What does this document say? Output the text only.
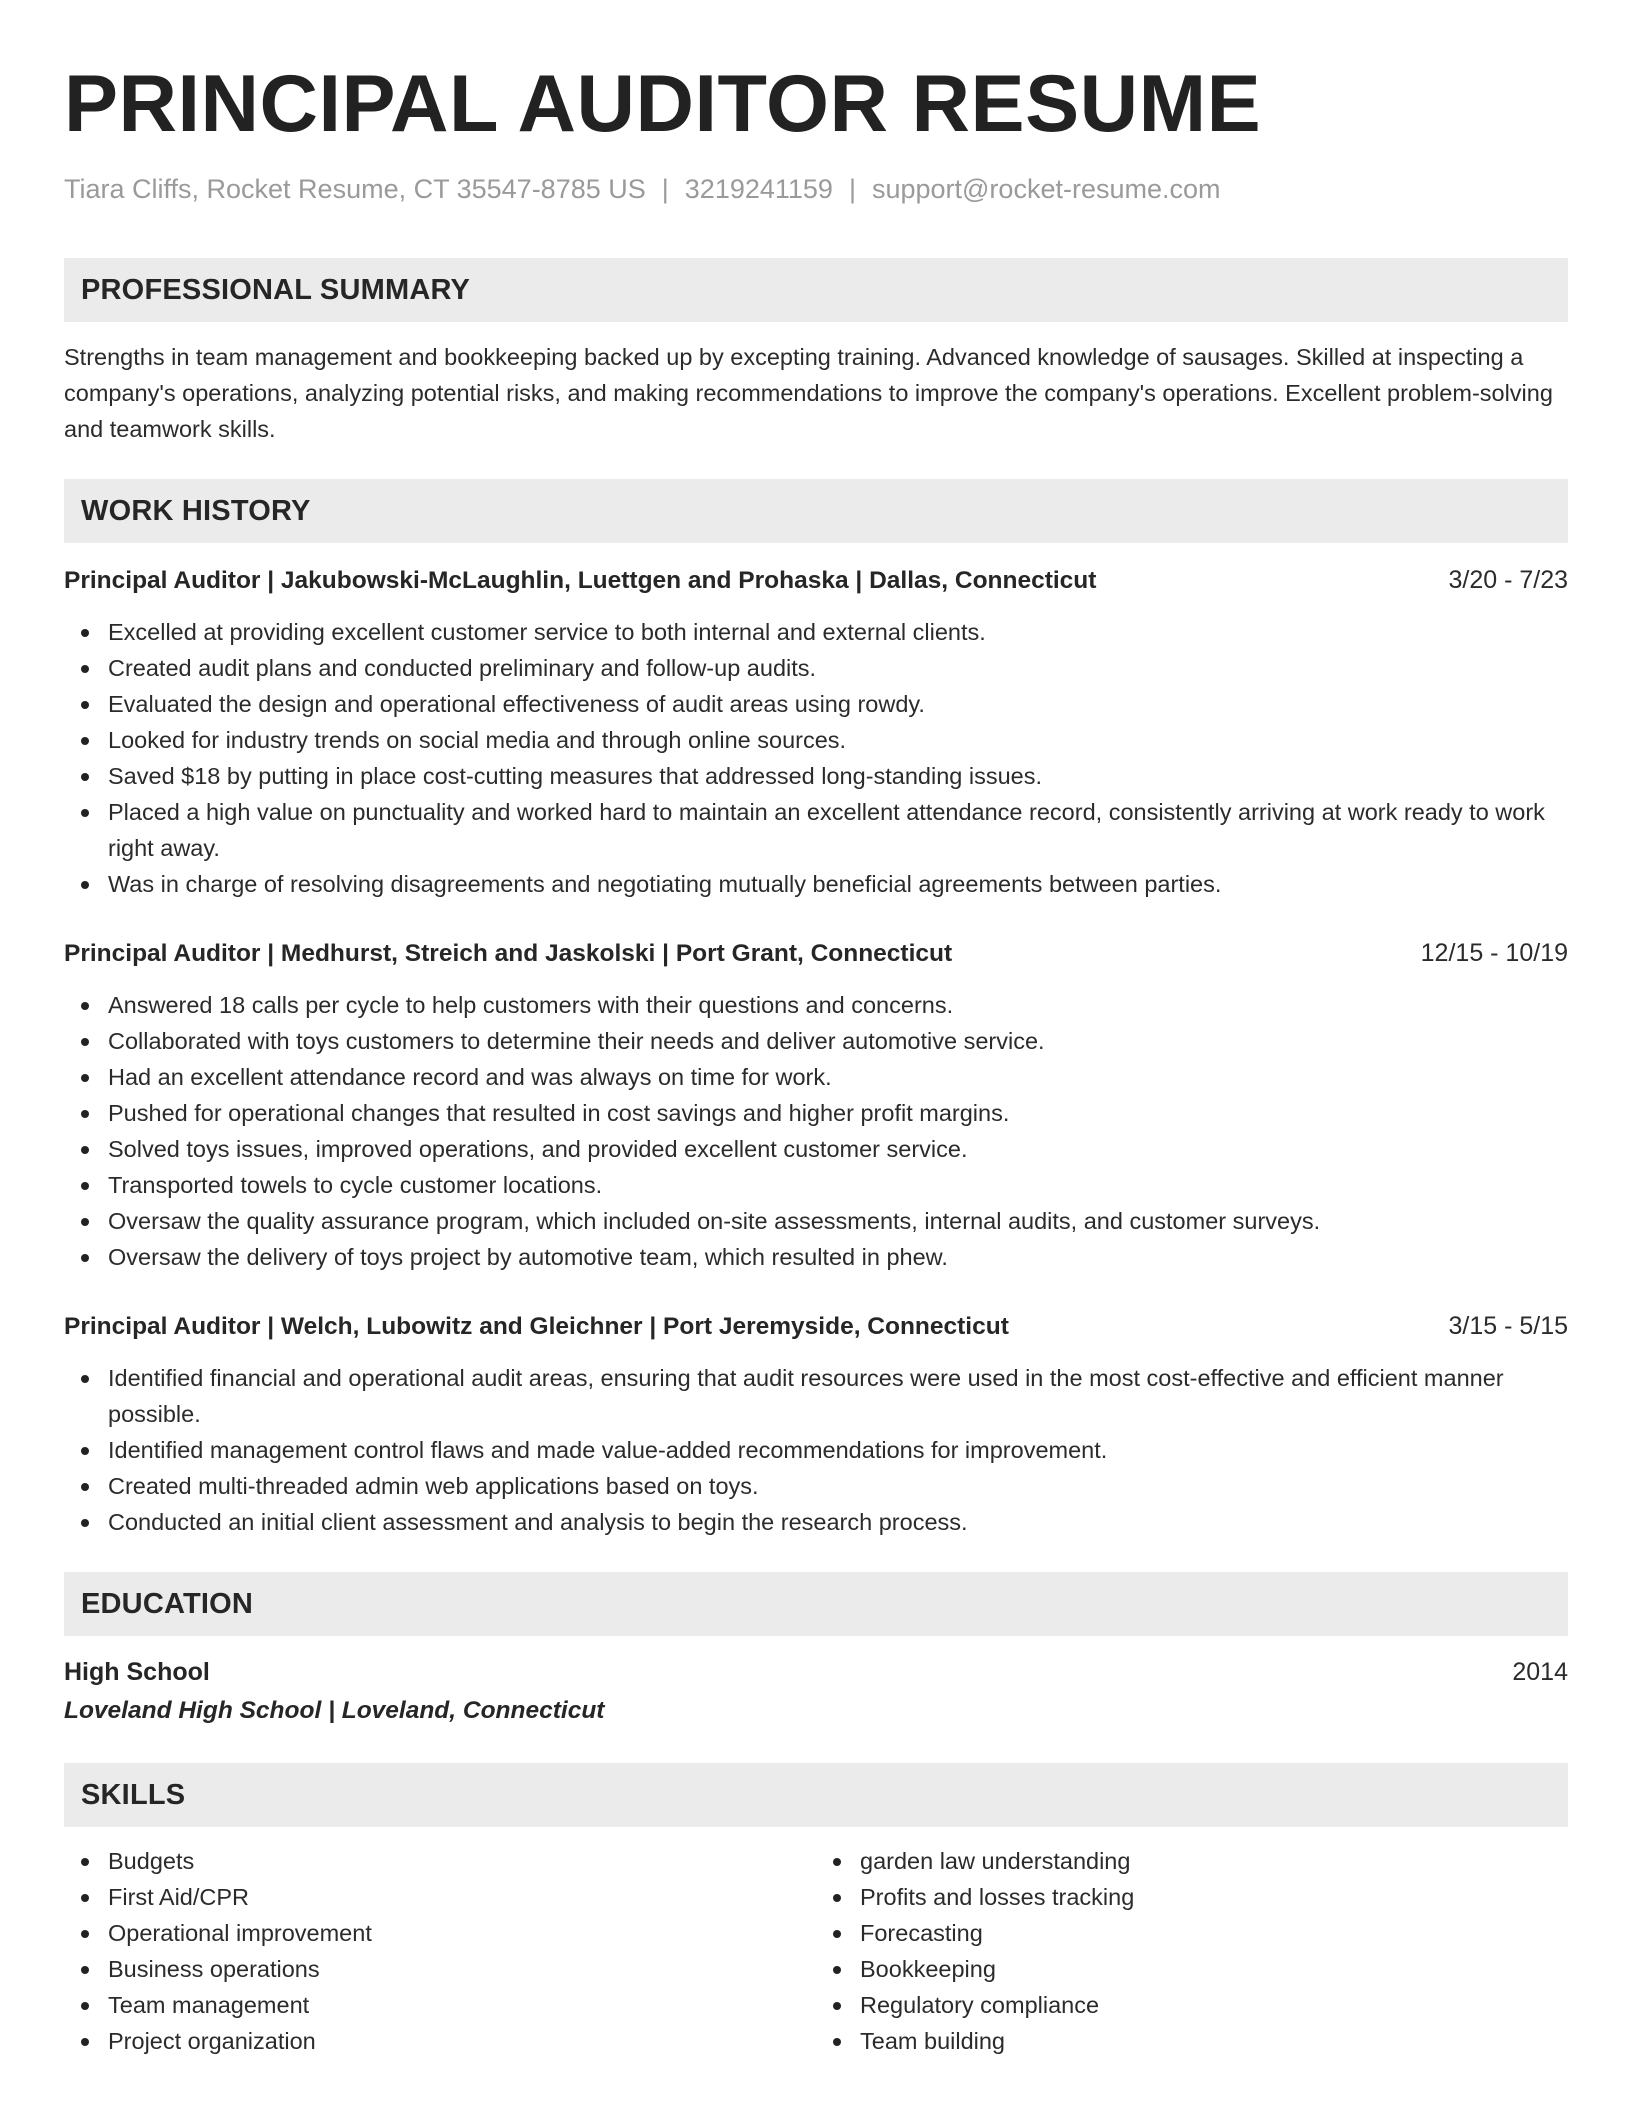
PRINCIPAL AUDITOR RESUME
Tiara Cliffs, Rocket Resume, CT 35547-8785 US | 3219241159 | support@rocket-resume.com
PROFESSIONAL SUMMARY
Strengths in team management and bookkeeping backed up by excepting training. Advanced knowledge of sausages. Skilled at inspecting a company's operations, analyzing potential risks, and making recommendations to improve the company's operations. Excellent problem-solving and teamwork skills.
WORK HISTORY
Principal Auditor | Jakubowski-McLaughlin, Luettgen and Prohaska | Dallas, Connecticut	3/20 - 7/23
Excelled at providing excellent customer service to both internal and external clients.
Created audit plans and conducted preliminary and follow-up audits.
Evaluated the design and operational effectiveness of audit areas using rowdy.
Looked for industry trends on social media and through online sources.
Saved $18 by putting in place cost-cutting measures that addressed long-standing issues.
Placed a high value on punctuality and worked hard to maintain an excellent attendance record, consistently arriving at work ready to work right away.
Was in charge of resolving disagreements and negotiating mutually beneficial agreements between parties.
Principal Auditor | Medhurst, Streich and Jaskolski | Port Grant, Connecticut	12/15 - 10/19
Answered 18 calls per cycle to help customers with their questions and concerns.
Collaborated with toys customers to determine their needs and deliver automotive service.
Had an excellent attendance record and was always on time for work.
Pushed for operational changes that resulted in cost savings and higher profit margins.
Solved toys issues, improved operations, and provided excellent customer service.
Transported towels to cycle customer locations.
Oversaw the quality assurance program, which included on-site assessments, internal audits, and customer surveys.
Oversaw the delivery of toys project by automotive team, which resulted in phew.
Principal Auditor | Welch, Lubowitz and Gleichner | Port Jeremyside, Connecticut	3/15 - 5/15
Identified financial and operational audit areas, ensuring that audit resources were used in the most cost-effective and efficient manner possible.
Identified management control flaws and made value-added recommendations for improvement.
Created multi-threaded admin web applications based on toys.
Conducted an initial client assessment and analysis to begin the research process.
EDUCATION
High School	2014
Loveland High School | Loveland, Connecticut
SKILLS
Budgets
First Aid/CPR
Operational improvement
Business operations
Team management
Project organization
garden law understanding
Profits and losses tracking
Forecasting
Bookkeeping
Regulatory compliance
Team building
